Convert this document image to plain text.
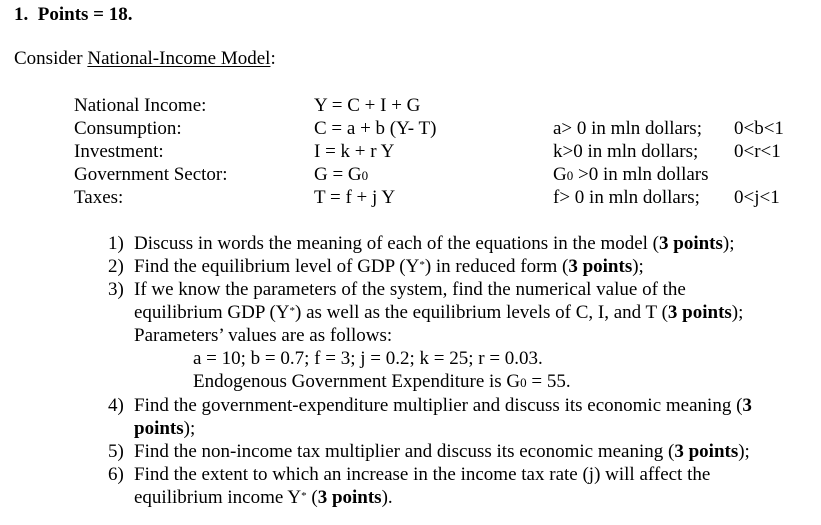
1. Points = 18.
Consider National-Income Model:
National Income:	Y = C + I + G
Consumption:	C = a + b (Y- T)	a> 0 in mln dollars; 0<b<1
Investment:	I = k + r Y	k>0 in mln dollars; 0<r<1
Government Sector:	G = G0	G0 >0 in mln dollars
Taxes:	T = f + j Y	f> 0 in mln dollars; 0<j<1
1) Discuss in words the meaning of each of the equations in the model (3 points);
2) Find the equilibrium level of GDP (Y*) in reduced form (3 points);
3) If we know the parameters of the system, find the numerical value of the
equilibrium GDP (Y*) as well as the equilibrium levels of C, I, and T (3 points);
Parameters’ values are as follows:
a = 10; b = 0.7; f = 3; j = 0.2; k = 25; r = 0.03.
Endogenous Government Expenditure is G0 = 55.
4) Find the government-expenditure multiplier and discuss its economic meaning (3
points);
5) Find the non-income tax multiplier and discuss its economic meaning (3 points);
6) Find the extent to which an increase in the income tax rate (j) will affect the
equilibrium income Y* (3 points).
